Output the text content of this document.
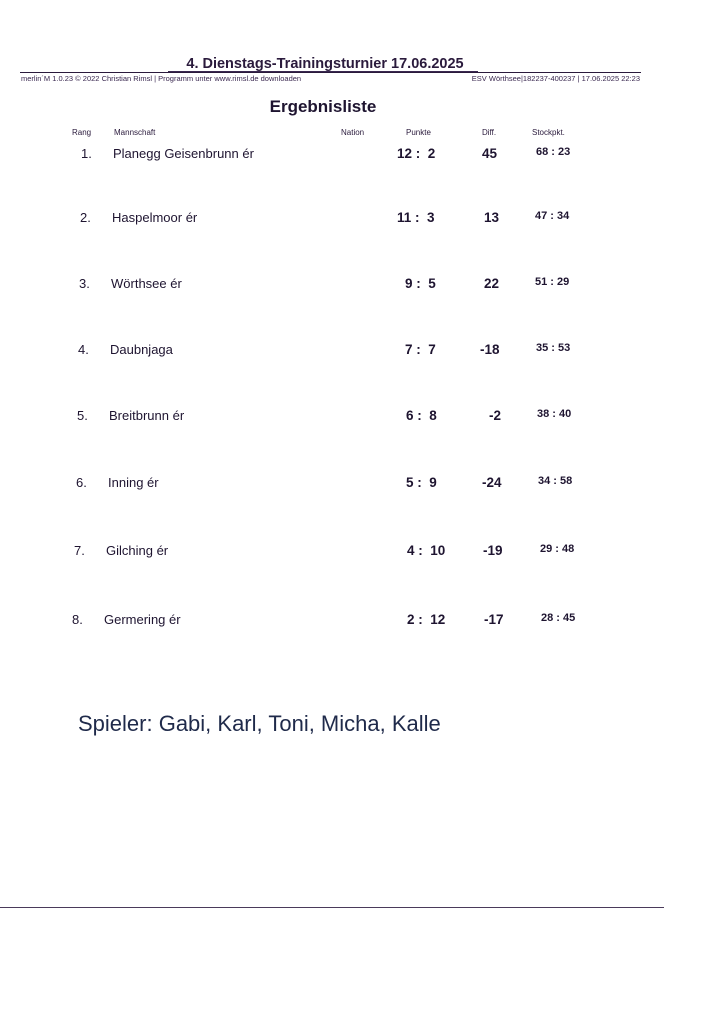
4. Dienstags-Trainingsturnier 17.06.2025
merlin´M 1.0.23 © 2022 Christian Rimsl | Programm unter www.rimsl.de downloaden	ESV Wörthsee|182237-400237 | 17.06.2025 22:23
Ergebnisliste
Rang	Mannschaft	Nation	Punkte	Diff.	Stockpkt.
1. Planegg Geisenbrunn ér	12 :  2	45	68 : 23
2. Haspelmoor ér	11 :  3	13	47 : 34
3. Wörthsee ér	9 :  5	22	51 : 29
4. Daubnjaga	7 :  7	-18	35 : 53
5. Breitbrunn ér	6 :  8	-2	38 : 40
6. Inning ér	5 :  9	-24	34 : 58
7. Gilching ér	4 :  10	-19	29 : 48
8. Germering ér	2 :  12	-17	28 : 45
Spieler: Gabi, Karl, Toni, Micha, Kalle
